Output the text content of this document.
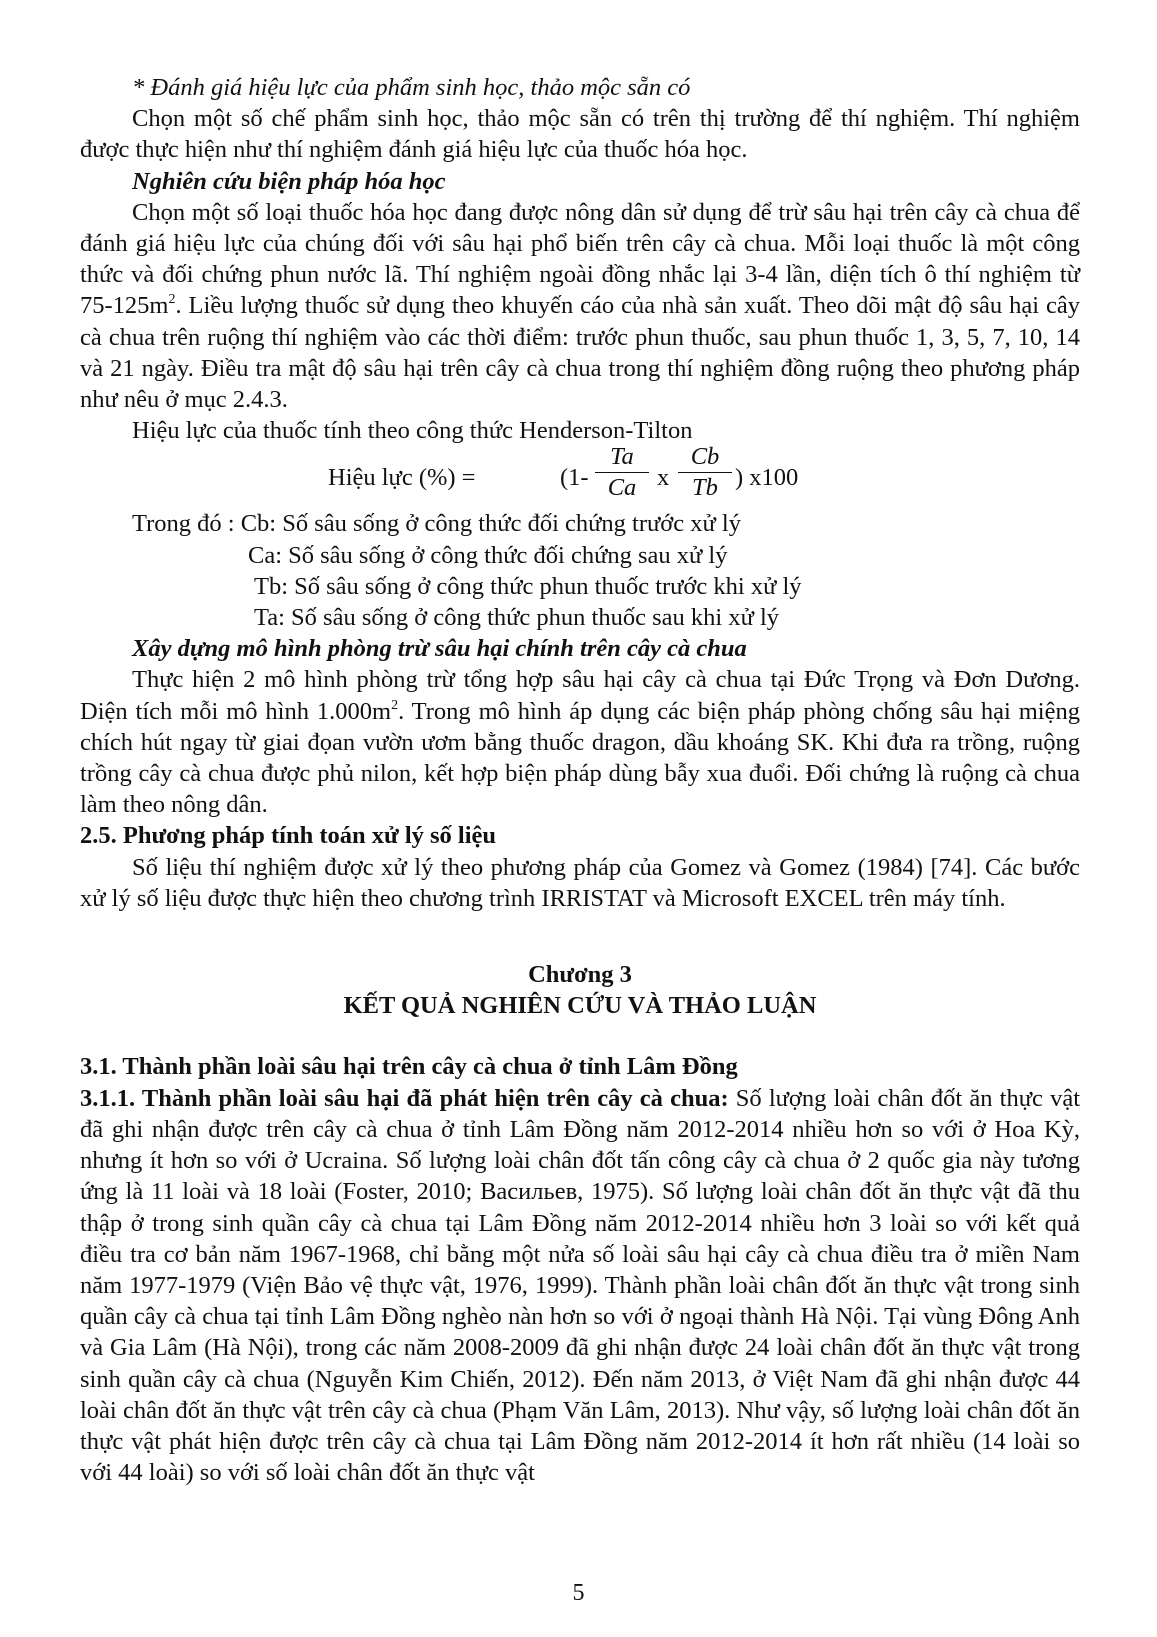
* Đánh giá hiệu lực của phẩm sinh học, thảo mộc sẵn có

Chọn một số chế phẩm sinh học, thảo mộc sẵn có trên thị trường để thí nghiệm. Thí nghiệm được thực hiện như thí nghiệm đánh giá hiệu lực của thuốc hóa học.

Nghiên cứu biện pháp hóa học

Chọn một số loại thuốc hóa học đang được nông dân sử dụng để trừ sâu hại trên cây cà chua để đánh giá hiệu lực của chúng đối với sâu hại phổ biến trên cây cà chua. Mỗi loại thuốc là một công thức và đối chứng phun nước lã. Thí nghiệm ngoài đồng nhắc lại 3-4 lần, diện tích ô thí nghiệm từ $75-125m^2$. Liều lượng thuốc sử dụng theo khuyến cáo của nhà sản xuất. Theo dõi mật độ sâu hại cây cà chua trên ruộng thí nghiệm vào các thời điểm: trước phun thuốc, sau phun thuốc 1, 3, 5, 7, 10, 14 và 21 ngày. Điều tra mật độ sâu hại trên cây cà chua trong thí nghiệm đồng ruộng theo phương pháp như nêu ở mục 2.4.3.

Hiệu lực của thuốc tính theo công thức Henderson-Tilton

Hiệu lực (%) =	(1-
Ta
Ca x
Cb
Tb ) x100

Trong đó : Cb: Số sâu sống ở công thức đối chứng trước xử lý

Ca: Số sâu sống ở công thức đối chứng sau xử lý

Tb: Số sâu sống ở công thức phun thuốc trước khi xử lý

Ta: Số sâu sống ở công thức phun thuốc sau khi xử lý

Xây dựng mô hình phòng trừ sâu hại chính trên cây cà chua

Thực hiện 2 mô hình phòng trừ tổng hợp sâu hại cây cà chua tại Đức Trọng và Đơn Dương. Diện tích mỗi mô hình $1.000m^2$. Trong mô hình áp dụng các biện pháp phòng chống sâu hại miệng chích hút ngay từ giai đọan vườn ươm bằng thuốc dragon, dầu khoáng SK. Khi đưa ra trồng, ruộng trồng cây cà chua được phủ nilon, kết hợp biện pháp dùng bẫy xua đuổi. Đối chứng là ruộng cà chua làm theo nông dân.

2.5. Phương pháp tính toán xử lý số liệu

Số liệu thí nghiệm được xử lý theo phương pháp của Gomez và Gomez (1984) [74]. Các bước xử lý số liệu được thực hiện theo chương trình IRRISTAT và Microsoft EXCEL trên máy tính.

Chương 3

KẾT QUẢ NGHIÊN CỨU VÀ THẢO LUẬN

3.1. Thành phần loài sâu hại trên cây cà chua ở tỉnh Lâm Đồng

3.1.1. Thành phần loài sâu hại đã phát hiện trên cây cà chua: Số lượng loài chân đốt ăn thực vật đã ghi nhận được trên cây cà chua ở tỉnh Lâm Đồng năm 2012-2014 nhiều hơn so với ở Hoa Kỳ, nhưng ít hơn so với ở Ucraina. Số lượng loài chân đốt tấn công cây cà chua ở 2 quốc gia này tương ứng là 11 loài và 18 loài (Foster, 2010; Васильев, 1975). Số lượng loài chân đốt ăn thực vật đã thu thập ở trong sinh quần cây cà chua tại Lâm Đồng năm 2012-2014 nhiều hơn 3 loài so với kết quả điều tra cơ bản năm 1967-1968, chỉ bằng một nửa số loài sâu hại cây cà chua điều tra ở miền Nam năm 1977-1979 (Viện Bảo vệ thực vật, 1976, 1999). Thành phần loài chân đốt ăn thực vật trong sinh quần cây cà chua tại tỉnh Lâm Đồng nghèo nàn hơn so với ở ngoại thành Hà Nội. Tại vùng Đông Anh và Gia Lâm (Hà Nội), trong các năm 2008-2009 đã ghi nhận được 24 loài chân đốt ăn thực vật trong sinh quần cây cà chua (Nguyễn Kim Chiến, 2012). Đến năm 2013, ở Việt Nam đã ghi nhận được 44 loài chân đốt ăn thực vật trên cây cà chua (Phạm Văn Lâm, 2013). Như vậy, số lượng loài chân đốt ăn thực vật phát hiện được trên cây cà chua tại Lâm Đồng năm 2012-2014 ít hơn rất nhiều (14 loài so với 44 loài) so với số loài chân đốt ăn thực vật

5
